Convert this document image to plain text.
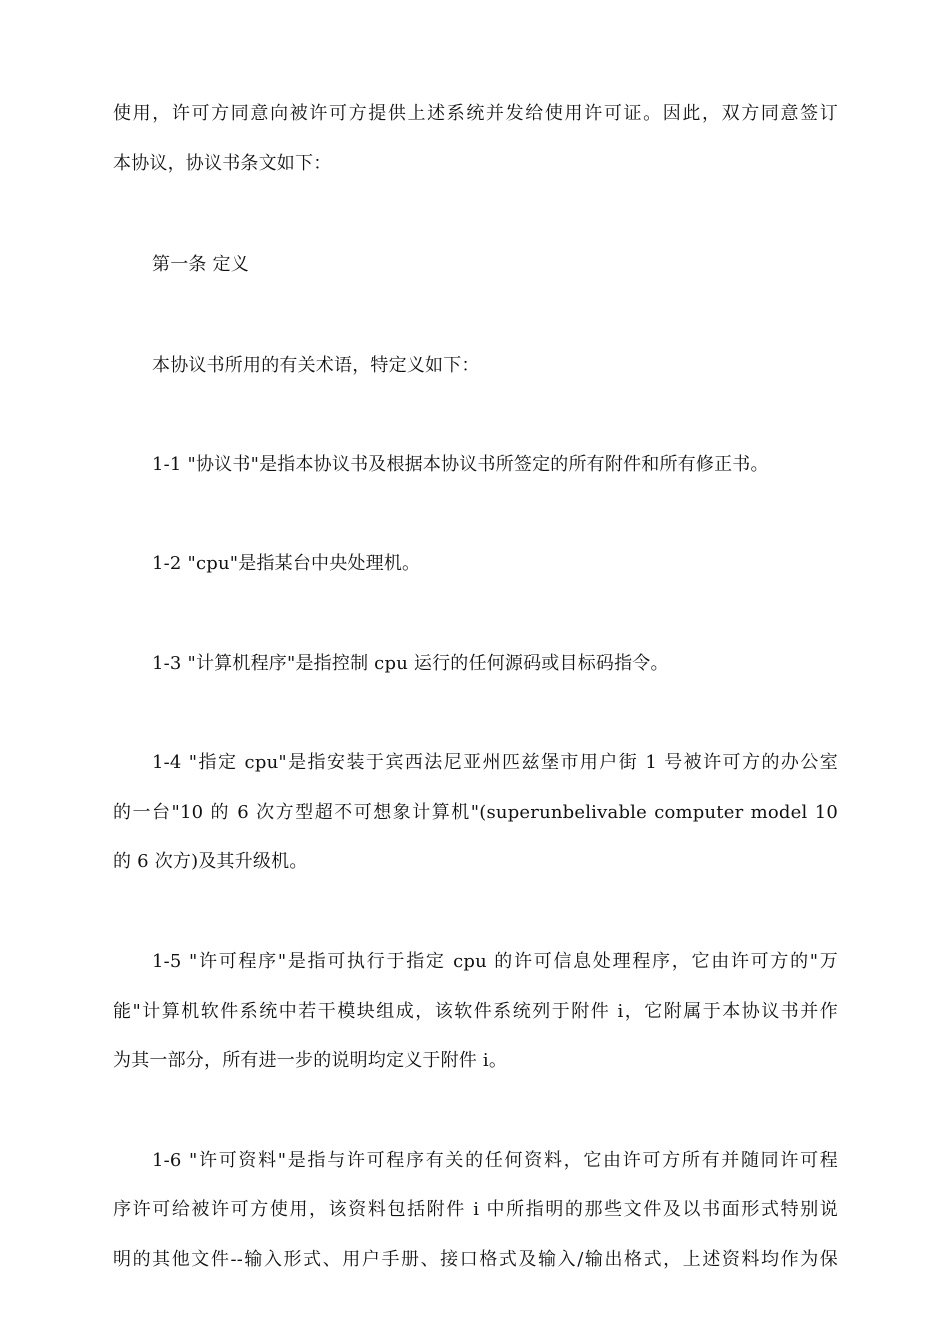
使用，许可方同意向被许可方提供上述系统并发给使用许可证。因此，双方同意签订
本协议，协议书条文如下：
第一条 定义
本协议书所用的有关术语，特定义如下：
1-1 "协议书"是指本协议书及根据本协议书所签定的所有附件和所有修正书。
1-2 "cpu"是指某台中央处理机。
1-3 "计算机程序"是指控制 cpu 运行的任何源码或目标码指令。
1-4 "指定 cpu"是指安装于宾西法尼亚州匹兹堡市用户街 1 号被许可方的办公室
的一台"10 的 6 次方型超不可想象计算机"(superunbelivable computer model 10
的 6 次方)及其升级机。
1-5 "许可程序"是指可执行于指定 cpu 的许可信息处理程序，它由许可方的"万
能"计算机软件系统中若干模块组成，该软件系统列于附件 i，它附属于本协议书并作
为其一部分，所有进一步的说明均定义于附件 i。
1-6 "许可资料"是指与许可程序有关的任何资料，它由许可方所有并随同许可程
序许可给被许可方使用，该资料包括附件 i 中所指明的那些文件及以书面形式特别说
明的其他文件--输入形式、用户手册、接口格式及输入/输出格式，上述资料均作为保
